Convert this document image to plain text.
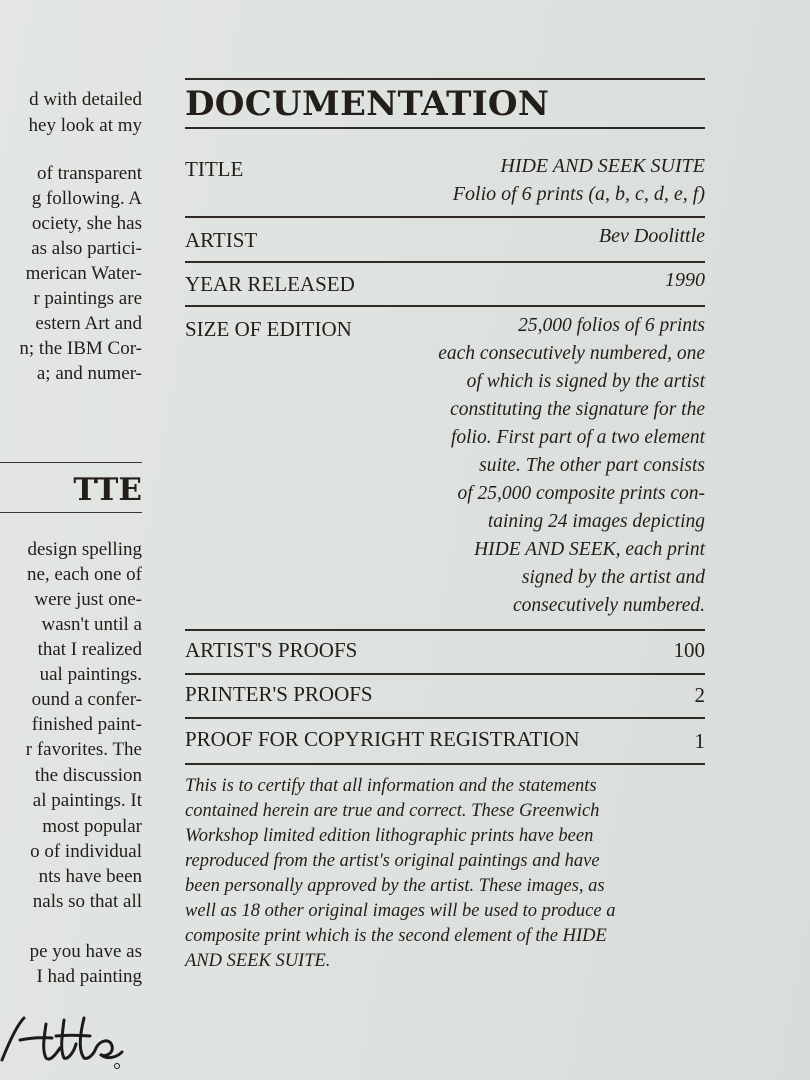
d with detailed
hey look at my
of transparent
g following. A
ociety, she has
as also partici-
merican Water-
r paintings are
estern Art and
n; the IBM Cor-
a; and numer-
TTE
design spelling
ne, each one of
were just one-
wasn't until a
that I realized
ual paintings.
ound a confer-
finished paint-
r favorites. The
the discussion
al paintings. It
most popular
o of individual
nts have been
nals so that all
pe you have as
I had painting
DOCUMENTATION
TITLE	HIDE AND SEEK SUITE
Folio of 6 prints (a, b, c, d, e, f)
ARTIST	Bev Doolittle
YEAR RELEASED	1990
SIZE OF EDITION	25,000 folios of 6 prints
each consecutively numbered, one
of which is signed by the artist
constituting the signature for the
folio. First part of a two element
suite. The other part consists
of 25,000 composite prints con-
taining 24 images depicting
HIDE AND SEEK, each print
signed by the artist and
consecutively numbered.
ARTIST'S PROOFS	100
PRINTER'S PROOFS	2
PROOF FOR COPYRIGHT REGISTRATION	1
This is to certify that all information and the statements
contained herein are true and correct. These Greenwich
Workshop limited edition lithographic prints have been
reproduced from the artist's original paintings and have
been personally approved by the artist. These images, as
well as 18 other original images will be used to produce a
composite print which is the second element of the HIDE
AND SEEK SUITE.
